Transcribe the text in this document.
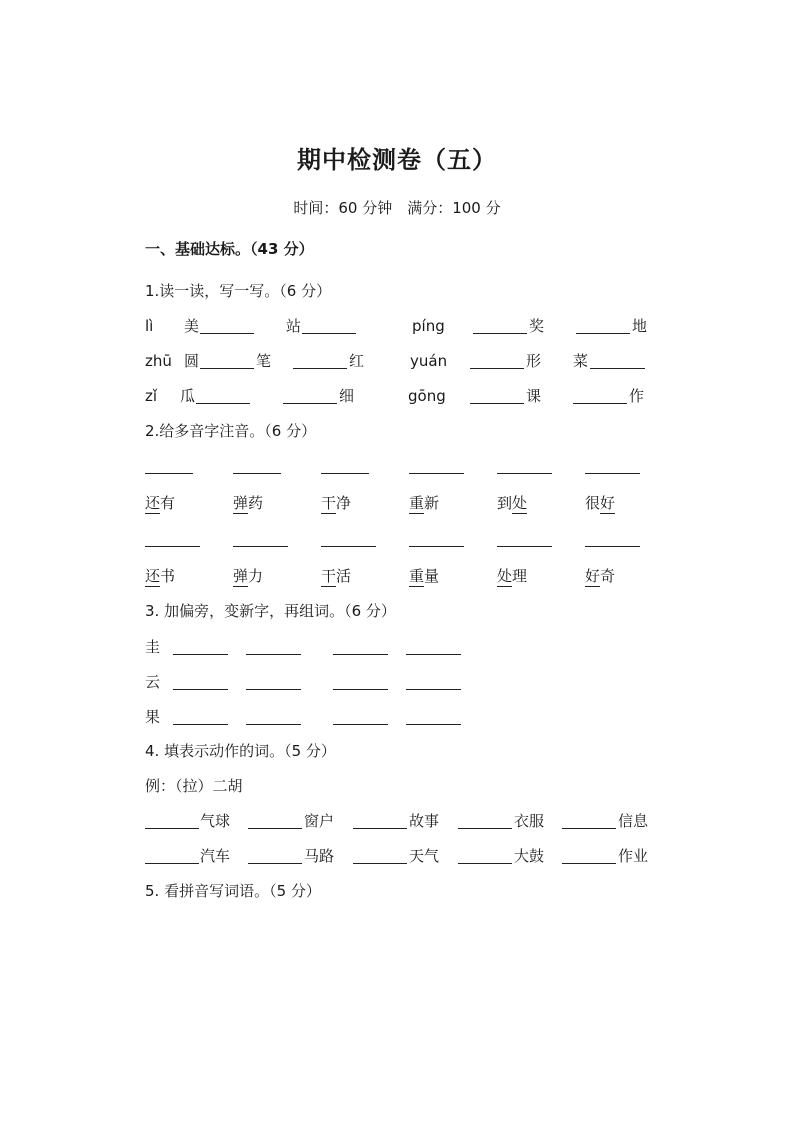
期中检测卷（五）
时间：60 分钟　满分：100 分
一、基础达标。（43 分）
1.读一读，写一写。（6 分）
lì 美	站	píng	奖	地
zhū 圆	笔	红	yuán	形 菜
zǐ 瓜	细	gōng	课	作
2.给多音字注音。（6 分）
还有	弹药	干净	重新	到处	很好
还书	弹力	干活	重量	处理	好奇
3. 加偏旁，变新字，再组词。（6 分）
圭
云
果
4. 填表示动作的词。（5 分）
例：（拉）二胡
气球	窗户	故事	衣服	信息
汽车	马路	天气	大鼓	作业
5. 看拼音写词语。（5 分）
